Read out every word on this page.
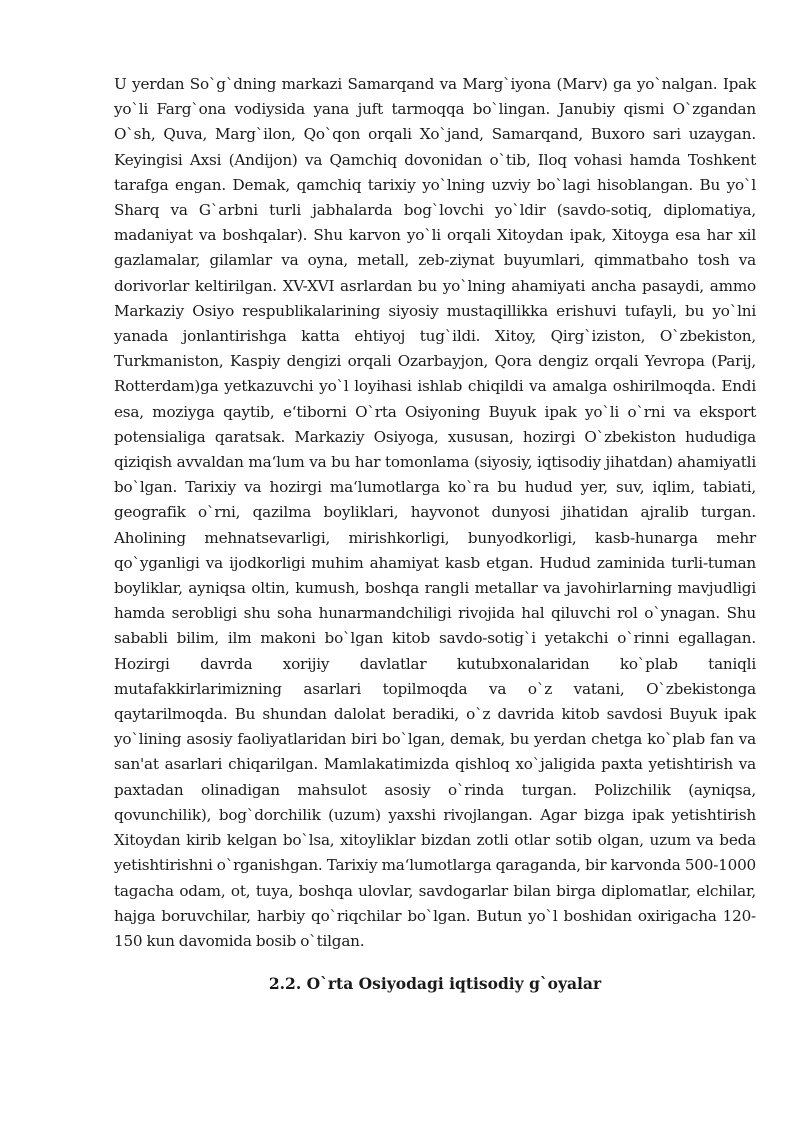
U yerdan So`g`dning markazi Samarqand va Marg`iyona (Marv) ga yo`nalgan. Ipak yo`li Farg`ona vodiysida yana juft tarmoqqa bo`lingan. Janubiy qismi O`zgandan O`sh, Quva, Marg`ilon, Qo`qon orqali Xo`jand, Samarqand, Buxoro sari uzaygan. Keyingisi Axsi (Andijon) va Qamchiq dovonidan o`tib, Iloq vohasi hamda Toshkent tarafga engan. Demak, qamchiq tarixiy yo`lning uzviy bo`lagi hisoblangan. Bu yo`l Sharq va G`arbni turli jabhalarda bog`lovchi yo`ldir (savdo-sotiq, diplomatiya, madaniyat va boshqalar). Shu karvon yo`li orqali Xitoydan ipak, Xitoyga esa har xil gazlamalar, gilamlar va oyna, metall, zeb-ziynat buyumlari, qimmatbaho tosh va dorivorlar keltirilgan. XV-XVI asrlardan bu yo`lning ahamiyati ancha pasaydi, ammo Markaziy Osiyo respublikalarining siyosiy mustaqillikka erishuvi tufayli, bu yo`lni yanada jonlantirishga katta ehtiyoj tug`ildi. Xitoy, Qirg`iziston, O`zbekiston, Turkmaniston, Kaspiy dengizi orqali Ozarbayjon, Qora dengiz orqali Yevropa (Parij, Rotterdam)ga yetkazuvchi yo`l loyihasi ishlab chiqildi va amalga oshirilmoqda. Endi esa, moziyga qaytib, e‘tiborni O`rta Osiyoning Buyuk ipak yo`li o`rni va eksport potensialiga qaratsak. Markaziy Osiyoga, xususan, hozirgi O`zbekiston hududiga qiziqish avvaldan ma‘lum va bu har tomonlama (siyosiy, iqtisodiy jihatdan) ahamiyatli bo`lgan. Tarixiy va hozirgi ma‘lumotlarga ko`ra bu hudud yer, suv, iqlim, tabiati, geografik o`rni, qazilma boyliklari, hayvonot dunyosi jihatidan ajralib turgan. Aholining mehnatsevarligi, mirishkorligi, bunyodkorligi, kasb-hunarga mehr qo`yganligi va ijodkorligi muhim ahamiyat kasb etgan. Hudud zaminida turli-tuman boyliklar, ayniqsa oltin, kumush, boshqa rangli metallar va javohirlarning mavjudligi hamda serobligi shu soha hunarmandchiligi rivojida hal qiluvchi rol o`ynagan. Shu sababli bilim, ilm makoni bo`lgan kitob savdo-sotig`i yetakchi o`rinni egallagan. Hozirgi davrda xorijiy davlatlar kutubxonalaridan ko`plab taniqli mutafakkirlarimizning asarlari topilmoqda va o`z vatani, O`zbekistonga qaytarilmoqda. Bu shundan dalolat beradiki, o`z davrida kitob savdosi Buyuk ipak yo`lining asosiy faoliyatlaridan biri bo`lgan, demak, bu yerdan chetga ko`plab fan va san'at asarlari chiqarilgan. Mamlakatimizda qishloq xo`jaligida paxta yetishtirish va paxtadan olinadigan mahsulot asosiy o`rinda turgan. Polizchilik (ayniqsa, qovunchilik), bog`dorchilik (uzum) yaxshi rivojlangan. Agar bizga ipak yetishtirish Xitoydan kirib kelgan bo`lsa, xitoyliklar bizdan zotli otlar sotib olgan, uzum va beda yetishtirishni o`rganishgan. Tarixiy ma‘lumotlarga qaraganda, bir karvonda 500-1000 tagacha odam, ot, tuya, boshqa ulovlar, savdogarlar bilan birga diplomatlar, elchilar, hajga boruvchilar, harbiy qo`riqchilar bo`lgan. Butun yo`l boshidan oxirigacha 120-150 kun davomida bosib o`tilgan.

2.2. O`rta Osiyodagi iqtisodiy g`oyalar
